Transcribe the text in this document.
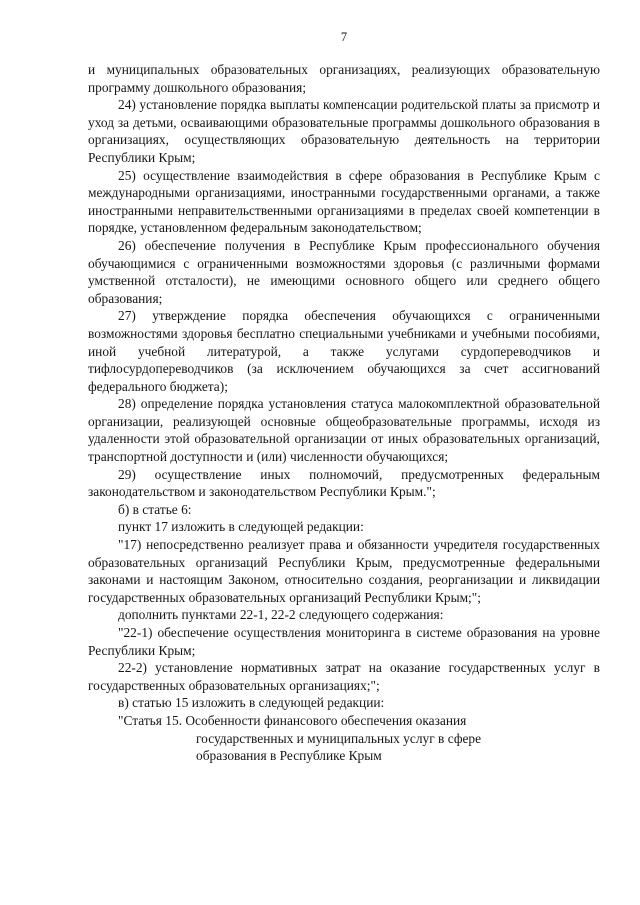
7

и муниципальных образовательных организациях, реализующих образовательную программу дошкольного образования;

24) установление порядка выплаты компенсации родительской платы за присмотр и уход за детьми, осваивающими образовательные программы дошкольного образования в организациях, осуществляющих образовательную деятельность на территории Республики Крым;

25) осуществление взаимодействия в сфере образования в Республике Крым с международными организациями, иностранными государственными органами, а также иностранными неправительственными организациями в пределах своей компетенции в порядке, установленном федеральным законодательством;

26) обеспечение получения в Республике Крым профессионального обучения обучающимися с ограниченными возможностями здоровья (с различными формами умственной отсталости), не имеющими основного общего или среднего общего образования;

27) утверждение порядка обеспечения обучающихся с ограниченными возможностями здоровья бесплатно специальными учебниками и учебными пособиями, иной учебной литературой, а также услугами сурдопереводчиков и тифлосурдопереводчиков (за исключением обучающихся за счет ассигнований федерального бюджета);

28) определение порядка установления статуса малокомплектной образовательной организации, реализующей основные общеобразовательные программы, исходя из удаленности этой образовательной организации от иных образовательных организаций, транспортной доступности и (или) численности обучающихся;

29) осуществление иных полномочий, предусмотренных федеральным законодательством и законодательством Республики Крым.";

б) в статье 6:

пункт 17 изложить в следующей редакции:

"17) непосредственно реализует права и обязанности учредителя государственных образовательных организаций Республики Крым, предусмотренные федеральными законами и настоящим Законом, относительно создания, реорганизации и ликвидации государственных образовательных организаций Республики Крым;";

дополнить пунктами 22-1, 22-2 следующего содержания:

"22-1) обеспечение осуществления мониторинга в системе образования на уровне Республики Крым;

22-2) установление нормативных затрат на оказание государственных услуг в государственных образовательных организациях;";

в) статью 15 изложить в следующей редакции:

"Статья 15. Особенности финансового обеспечения оказания
государственных и муниципальных услуг в сфере
образования в Республике Крым
